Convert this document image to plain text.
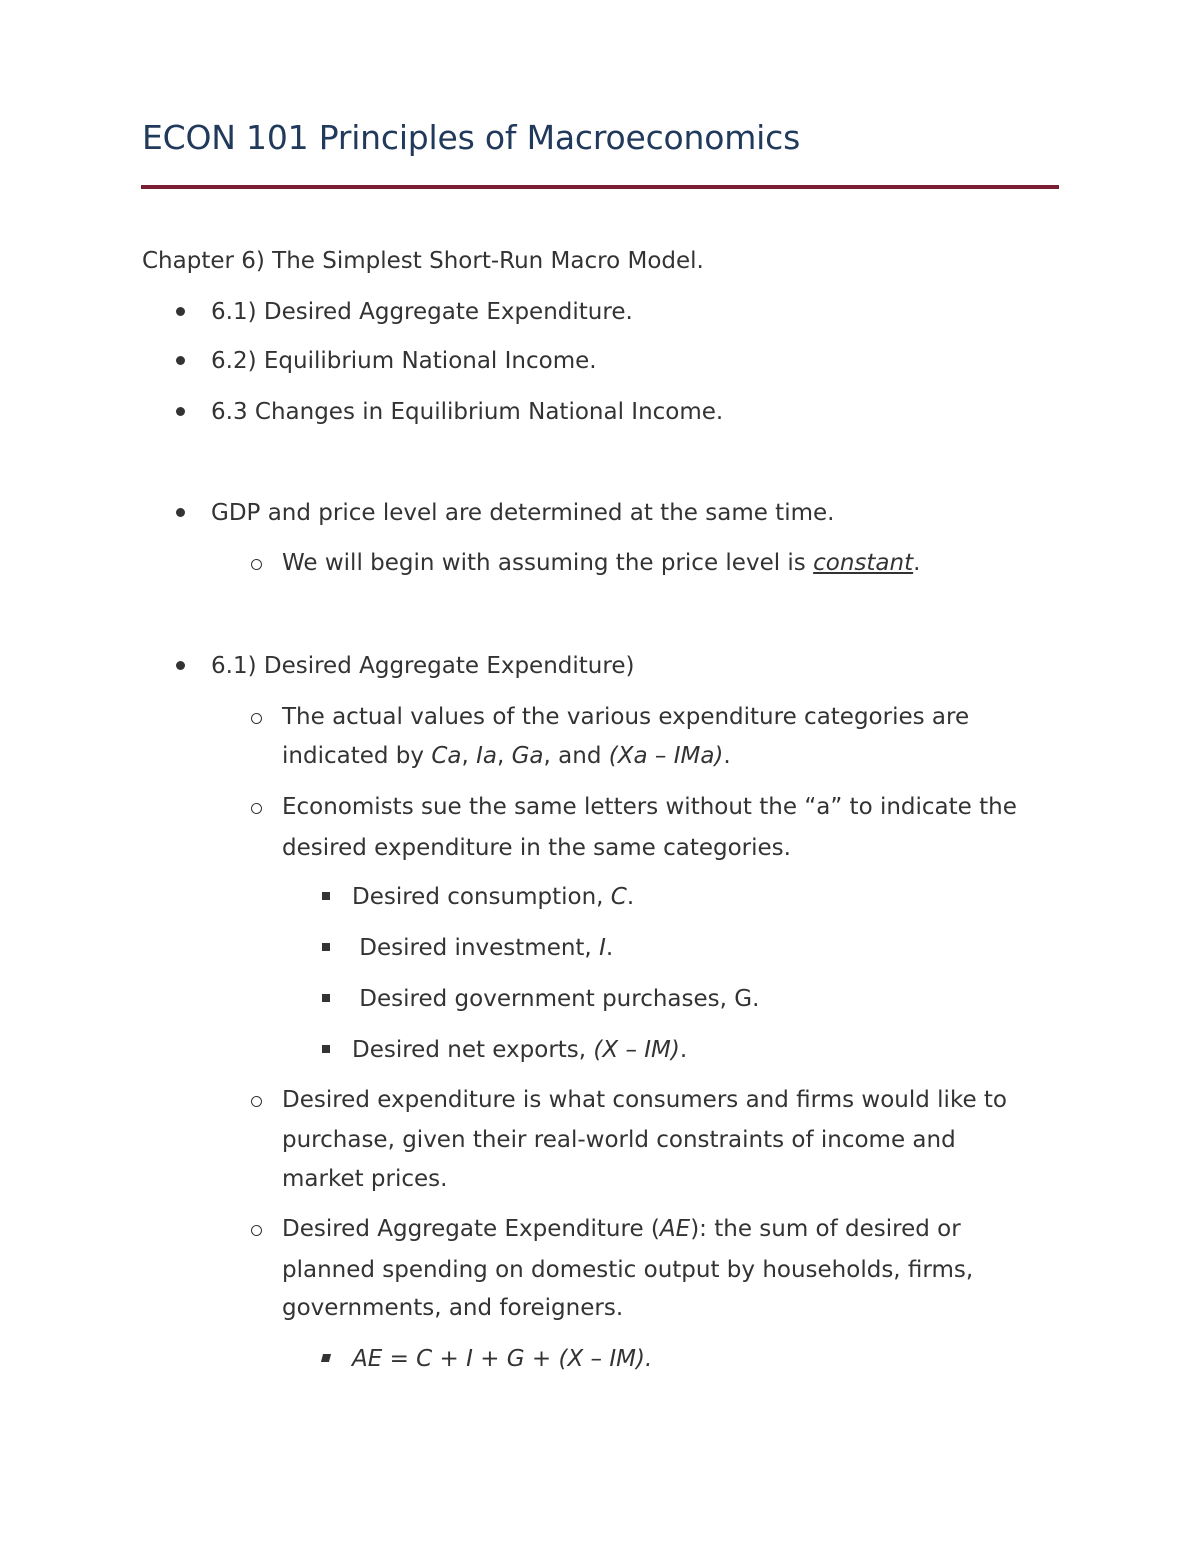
ECON 101 Principles of Macroeconomics
Chapter 6) The Simplest Short-Run Macro Model.
6.1) Desired Aggregate Expenditure.
6.2) Equilibrium National Income.
6.3 Changes in Equilibrium National Income.
GDP and price level are determined at the same time.
We will begin with assuming the price level is constant.
6.1) Desired Aggregate Expenditure)
The actual values of the various expenditure categories are
indicated by Ca, Ia, Ga, and (Xa – IMa).
Economists sue the same letters without the “a” to indicate the
desired expenditure in the same categories.
Desired consumption, C.
Desired investment, I.
Desired government purchases, G.
Desired net exports, (X – IM).
Desired expenditure is what consumers and firms would like to
purchase, given their real-world constraints of income and
market prices.
Desired Aggregate Expenditure (AE): the sum of desired or
planned spending on domestic output by households, firms,
governments, and foreigners.
AE = C + I + G + (X – IM).
